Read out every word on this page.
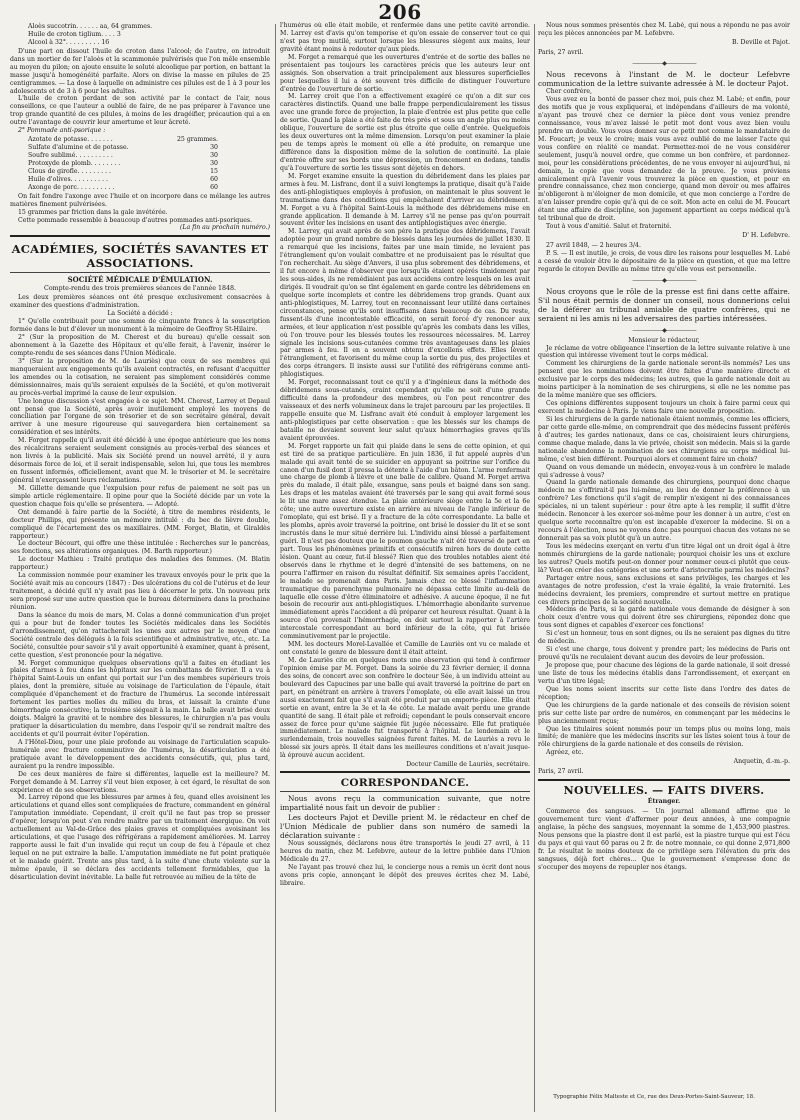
206
Aloès succotrin. . . . . . aa, 64 grammes.
Huile de croton tiglium. . . . 3
Alcool à 32°. . . . . . . . . 16

D'une part on dissout l'huile de croton dans l'alcool; de l'autre, on introduit dans un mortier de fer l'aloès et la scammonée pulvérisés que l'on mêle ensemble au moyen du pilon; on ajoute ensuite le soluté alcoolique par portion, en battant la masse jusqu'à homogénéité parfaite. Alors on divise la masse en pilules de 25 centigrammes. — La dose à laquelle on administre ces pilules est de 1 à 3 pour les adolescents et de 3 à 6 pour les adultes.

L'huile de croton perdant de son activité par le contact de l'air, nous conseillons, ce que l'auteur a oublié de faire, de ne pas préparer à l'avance une trop grande quantité de ces pilules, à moins de les dragéifier, précaution qui a en outre l'avantage de couvrir leur amertume et leur âcreté.

2° Pommade anti-psorique :

Azotate de potasse. . . . . . .	25 grammes.
Sulfate d'alumine et de potasse.	30
Soufre sublimé. . . . . . . . . .	30
Protoxyde de plomb. . . . . . . .	30
Clous de girofle. . . . . . . . .	15
Huile d'olives. . . . . . . . . .	60
Axonge de porc. . . . . . . . . .	60

On fait fondre l'axonge avec l'huile et on incorpore dans ce mélange les autres matières finement pulvérisées.

15 grammes par friction dans la gale invétérée.

Cette pommade ressemble à beaucoup d'autres pommades anti-psoriques.

(La fin au prochain numéro.)

ACADÉMIES, SOCIÉTÉS SAVANTES ET ASSOCIATIONS.
SOCIÉTÉ MÉDICALE D'ÉMULATION.
Compte-rendu des trois premières séances de l'année 1848.

Les deux premières séances ont été presque exclusivement consacrées à examiner des questions d'administration.

La Société a décidé :

1° Qu'elle contribuait pour une somme de cinquante francs à la souscription formée dans le but d'élever un monument à la mémoire de Geoffroy St-Hilaire.

2° (Sur la proposition de M. Cherest et du bureau) qu'elle cessait son abonnement à la Gazette des Hôpitaux et qu'elle ferait, à l'avenir, insérer le compte-rendu de ses séances dans l'Union Médicale.

3° (Sur la proposition de M. de Lauriès) que ceux de ses membres qui manqueraient aux engagements qu'ils avaient contractés, en refusant d'acquitter les amendes ou la cotisation, ne seraient pas simplement considérés comme démissionnaires, mais qu'ils seraient expulsés de la Société, et qu'on motiverait au procès-verbal imprimé la cause de leur expulsion.

Une longue discussion s'est engagée à ce sujet. MM. Cherest, Larrey et Depaul ont pensé que la Société, après avoir inutilement employé les moyens de conciliation par l'organe de son trésorier et de son secrétaire général, devait arriver à une mesure rigoureuse qui sauvegardera bien certainement sa considération et ses intérêts.

M. Forget rappelle qu'il avait été décidé à une époque antérieure que les noms des récalcitrans seraient seulement consignés au procès-verbal des séances et non livrés à la publicité. Mais six Société prend un nouvel arrêté, il y aura désormais force de loi, et il serait indispensable, selon lui, que tous les membres en fussent informés, officiellement, avant que M. le trésorier et M. le secrétaire général n'exerçassent leurs réclamations.

M. Gillette demande que l'expulsion pour refus de paiement ne soit pas un simple article réglementaire. Il opine pour que la Société décide par un vote la question chaque fois qu'elle se présentera. — Adopté.

Ont demandé à faire partie de la Société, à titre de membres résidents, le docteur Phillips, qui présente un mémoire intitulé : du bec de lièvre double, compliqué de l'écartement des os maxillaires. (MM. Forget, Blatin, et Giraldès rapporteur.)

Le docteur Bécourt, qui offre une thèse intitulée : Recherches sur le pancréas, ses fonctions, ses altérations organiques. (M. Barth rapporteur.)

Le docteur Mathieu : Traité pratique des maladies des femmes. (M. Blatin rapporteur.)

La commission nommée pour examiner les travaux envoyés pour le prix que la Société avait mis au concours (1847) : Des ulcérations du col de l'utérus et de leur traitement, a décidé qu'il n'y avait pas lieu à décerner le prix. Un nouveau prix sera proposé sur une autre question que le bureau déterminera dans la prochaine réunion.

Dans la séance du mois de mars, M. Colas a donné communication d'un projet qui a pour but de fonder toutes les Sociétés médicales dans les Sociétés d'arrondissement, qu'on rattacherait les unes aux autres par le moyen d'une Société centrale des délégués à la fois scientifique et administrative, etc., etc. La Société, consultée pour savoir s'il y avait opportunité à examiner, quant à présent, cette question, s'est prononcée pour la négative.

M. Forget communique quelques observations qu'il a faites en étudiant les plaies d'armes à feu dans les hôpitaux sur les combattans de février. Il a vu à l'hôpital Saint-Louis un enfant qui portait sur l'un des membres supérieurs trois plaies, dont la première, située au voisinage de l'articulation de l'épaule, était compliquée d'épanchement et de fracture de l'humérus. La seconde intéressait fortement les parties molles du milieu du bras, et laissait la crainte d'une hémorrhagie consécutive; la troisième siégeait à la main. La balle avait brisé deux doigts. Malgré la gravité et le nombre des blessures, le chirurgien n'a pas voulu pratiquer la désarticulation du membre, dans l'espoir qu'il se rendrait maître des accidents et qu'il pourrait éviter l'opération.

A l'Hôtel-Dieu, pour une plaie profonde au voisinage de l'articulation scapulo-humérale avec fracture comminutive de l'humérus, la désarticulation a été pratiquée avant le développement des accidents consécutifs, qui, plus tard, auraient pu la rendre impossible.

De ces deux manières de faire si différentes, laquelle est la meilleure? M. Forget demande à M. Larrey s'il veut bien exposer, à cet égard, le résultat de son expérience et de ses observations.

M. Larrey répond que les blessures par armes à feu, quand elles avoisinent les articulations et quand elles sont compliquées de fracture, commandent en général l'amputation immédiate. Cependant, il croit qu'il ne faut pas trop se presser d'opérer, lorsqu'on peut s'en rendre maître par un traitement énergique. On voit actuellement au Val-de-Grâce des plaies graves et compliquées avoisinant les articulations, et que l'usage des réfrigérans a rapidement améliorées. M. Larrey rapporte aussi le fait d'un invalide qui reçut un coup de feu à l'épaule et chez lequel on ne put extraire la balle. L'amputation immédiate ne fut point pratiquée et le malade guérit. Trente ans plus tard, à la suite d'une chute violente sur la même épaule, il se déclara des accidents tellement formidables, que la désarticulation devint inévitable. La balle fut retrouvée au milieu de la tête de

l'humérus où elle était mobile, et renfermée dans une petite cavité arrondie. M. Larrey est d'avis qu'on temporise et qu'on essaie de conserver tout ce qui n'est pas trop mutilé, surtout lorsque les blessures siègent aux mains, leur gravité étant moins à redouter qu'aux pieds.

M. Forget a remarqué que les ouvertures d'entrée et de sortie des balles ne présentaient pas toujours les caractères précis que les auteurs leur ont assignés. Son observation a trait principalement aux blessures superficielles pour lesquelles il lui a été souvent très difficile de distinguer l'ouverture d'entrée de l'ouverture de sortie.

M. Larrey croit que l'on a effectivement exagéré ce qu'on a dit sur ces caractères distinctifs. Quand une balle frappe perpendiculairement les tissus avec une grande force de projection, la plaie d'entrée est plus petite que celle de sortie. Quand la plaie a été faite de très près et sous un angle plus ou moins oblique, l'ouverture de sortie est plus étroite que celle d'entrée. Quelquefois les deux ouvertures ont la même dimension. Lorsqu'on peut examiner la plaie peu de temps après le moment où elle a été produite, on remarque une différence dans la disposition même de la solution de continuité. La plaie d'entrée offre sur ses bords une dépression, un froncement en dedans, tandis qu'à l'ouverture de sortie les tissus sont déjetés en dehors.

M. Forget examine ensuite la question du débridement dans les plaies par armes à feu. M. Lisfranc, dont il a suivi longtemps la pratique, disait qu'à l'aide des anti-phlogistiques employés à profusion, on maintenait le plus souvent le traumatisme dans des conditions qui empêchaient d'arriver au débridement. M. Forget a vu à l'hôpital Saint-Louis la méthode des débridemens mise en grande application. Il demande à M. Larrey s'il ne pense pas qu'on pourrait souvent éviter les incisions en usant des antiphlogistiques avec énergie.

M. Larrey, qui avait après de son père la pratique des débridemens, l'avait adoptée pour un grand nombre de blessés dans les journées de juillet 1830. Il a remarqué que les incisions, faites par une main timide, ne levaient pas l'étranglement qu'on voulait combattre et ne produisaient pas le résultat que l'on recherchait. Au siège d'Anvers, il usa plus sobrement des débridemens, et il fut encore à même d'observer que lorsqu'ils étaient opérés timidement par les sous-aides, ils ne remédiaient pas aux accidens contre lesquels on les avait dirigés. Il voudrait qu'on se tînt également en garde contre les débridemens en quelque sorte incomplets et contre les débridemens trop grands. Quant aux anti-phlogistiques, M. Larrey, tout en reconnaissant leur utilité dans certaines circonstances, pense qu'ils sont insuffisans dans beaucoup de cas. Du reste, fussent-ils d'une incontestable efficacité, on serait forcé d'y renoncer aux armées, et leur application n'est possible qu'après les combats dans les villes, où l'on trouve pour les blessés toutes les ressources nécessaires. M. Larrey signale les incisions sous-cutanées comme très avantageuses dans les plaies par armes à feu. Il en a souvent obtenu d'excellens effets. Elles lèvent l'étranglement, et favorisent du même coup la sortie du pus, des projectiles et des corps étrangers. Il insiste aussi sur l'utilité des réfrigérans comme anti-phlogistiques.

M. Forget, reconnaissant tout ce qu'il y a d'ingénieux dans la méthode des débridemens sous-cutanés, craint cependant qu'elle ne soit d'une grande difficulté dans la profondeur des membres, où l'on peut rencontrer des vaisseaux et des nerfs volumineux dans le trajet parcouru par les projectiles. Il rappelle ensuite que M. Lisfranc avait été conduit à employer largement les anti-phlogistiques par cette observation : que les blessés sur les champs de bataille ne devaient souvent leur salut qu'aux hémorrhagies graves qu'ils avaient éprouvées.

M. Forget rapporte un fait qui plaide dans le sens de cette opinion, et qui est tiré de sa pratique particulière. En juin 1836, il fut appelé auprès d'un malade qui avait tenté de se suicider en appuyant sa poitrine sur l'orifice du canon d'un fusil dont il pressa la détente à l'aide d'un bâton. L'arme renfermait une charge de plomb à lièvre et une balle de calibre. Quand M. Forget arriva près du malade, il était pâle, exsangue, sans pouls et baigné dans son sang. Les draps et les matelas avaient été traversés par le sang qui avait formé sous le lit une mare assez étendue. La plaie antérieure siège entre la 5e et la 6e côte; une autre ouverture existe en arrière au niveau de l'angle inférieur de l'omoplate, qui est brisé. Il y a fracture de la côte correspondante. La balle et les plombs, après avoir traversé la poitrine, ont brisé le dossier du lit et se sont incrustés dans le mur situé derrière lui. L'individu ainsi blessé a parfaitement guéri. Il n'est pas douteux que le poumon gauche n'ait été traversé de part en part. Tous les phénomènes primitifs et consécutifs miren hors de doute cette lésion. Quant au cœur, fut-il blessé? Rien que des troubles notables aient été observés dans le rhythme et le degré d'intensité de ses battemens, on ne pourra l'affirmer en raison du résultat définitif. Six semaines après l'accident, le malade se promenait dans Paris. Jamais chez ce blessé l'inflammation traumatique du parenchyme pulmonaire ne dépassa cette limite au-delà de laquelle elle cesse d'être éliminatoire et adhésive. A aucune époque, il ne fut besoin de recourir aux anti-phlogistiques. L'hémorrhagie abondante survenue immédiatement après l'accident a dû préparer cet heureux résultat. Quant à la source d'où provenait l'hémorrhagie, on doit surtout la rapporter à l'artère intercostale correspondant au bord inférieur de la côte, qui fut brisée comminutivement par le projectile.

MM. les docteurs Morel-Lavallée et Camille de Lauriès ont vu ce malade et ont constaté le genre de blessure dont il était atteint.

M. de Lauriès cite en quelques mots une observation qui tend à confirmer l'opinion émise par M. Forget. Dans la soirée du 23 février dernier, il donna des soins, de concert avec son confrère le docteur Sée, à un individu atteint au boulevard des Capucines par une balle qui avait traversé la poitrine de part en part, en pénétrant en arrière à travers l'omoplate, où elle avait laissé un trou aussi exactement fait que s'il avait été produit par un emporte-pièce. Elle était sortie en avant, entre la 3e et la 4e côte. Le malade avait perdu une grande quantité de sang. Il était pâle et refroidi; cependant le pouls conservait encore assez de force pour qu'une saignée fût jugée nécessaire. Elle fut pratiquée immédiatement. Le malade fut transporté à l'hôpital. Le lendemain et le surlendemain, trois nouvelles saignées furent faites. M. de Lauriès a revu le blessé six jours après. Il était dans les meilleures conditions et n'avait jusque-là éprouvé aucun accident.

Docteur Camille de Lauriès, secrétaire.
CORRESPONDANCE.

Nous avons reçu la communication suivante, que notre impartialité nous fait un devoir de publier :

Les docteurs Pajot et Deville prient M. le rédacteur en chef de l'Union Médicale de publier dans son numéro de samedi la déclaration suivante :

Nous soussignés, déclarons nous être transportés le jeudi 27 avril, à 11 heures du matin, chez M. Lefebvre, auteur de la lettre publiée dans l'Union Médicale du 27.

Ne l'ayant pas trouvé chez lui, le concierge nous a remis un écrit dont nous avons pris copie, annonçant le dépôt des preuves écrites chez M. Labé, libraire.

Nous nous sommes présentés chez M. Labé, qui nous a répondu ne pas avoir reçu les pièces annoncées par M. Lefebvre.

B. Deville et Pajot.

Paris, 27 avril.

——————◆——————

Nous recevons à l'instant de M. le docteur Lefebvre communication de la lettre suivante adressée à M. le docteur Pajot.

Cher confrère,

Vous avez eu la bonté de passer chez moi, puis chez M. Labé; et enfin, pour des motifs que je vous expliquerai, et indépendans d'ailleurs de ma volonté, n'ayant pas trouvé chez ce dernier la pièce dont vous veniez prendre connaissance, vous m'avez laissé le petit mot dont vous avez bien voulu prendre un double. Vous vous donnez sur ce petit mot comme le mandataire de M. Foucart; je veux le croire; mais vous avez oublié de me laisser l'acte qui vous confère en réalité ce mandat. Permettez-moi de ne vous considérer seulement, jusqu'à nouvel ordre, que comme un bon confrère, et pardonnez-moi, pour les considérations précédentes, de ne vous envoyer ni aujourd'hui, ni demain, la copie que vous demandez de la preuve. Je vous préviens amicalement qu'à l'avenir vous trouverez la pièce en question, et pour en prendre connaissance, chez mon concierge, quand mon devoir ou mes affaires m'obligeront à m'éloigner de mon domicile, et que mon concierge a l'ordre de n'en laisser prendre copie qu'à qui de ce soit. Mon acte en celui de M. Foucart étant une affaire de discipline, son jugement appartient au corps médical qu'à tel tribunal que de droit.

Tout à vous d'amitié. Salut et fraternité.

D' H. Lefebvre.

27 avril 1848, — 2 heures 3/4.

P. S. — Il est inutile, je crois, de vous dire les raisons pour lesquelles M. Labé a cessé de vouloir être le dépositaire de la pièce en question, et que ma lettre regarde le citoyen Deville au même titre qu'elle vous est personnelle.

——————◆——————

Nous croyons que le rôle de la presse est fini dans cette affaire. S'il nous était permis de donner un conseil, nous donnerions celui de la déférer au tribunal amiable de quatre confrères, qui ne seraient ni les amis ni les adversaires des parties intéressées.

——————◆——————

Monsieur le rédacteur,

Je réclame de votre obligeance l'insertion de la lettre suivante relative à une question qui intéresse vivement tout le corps médical.

Comment les chirurgiens de la garde nationale seront-ils nommés? Les uns pensent que les nominations doivent être faites d'une manière directe et exclusive par le corps des médecins; les autres, que la garde nationale doit au moins participer à la nomination de ses chirurgiens, si elle ne les nomme pas de la même manière que ses officiers.

Ces opinions différentes supposent toujours un choix à faire parmi ceux qui exercent la médecine à Paris. Je viens faire une nouvelle proposition.

Si les chirurgiens de la garde nationale étaient nommés, comme les officiers, par cette garde elle-même, on comprendrait que des médecins fussent préférés à d'autres; les gardes nationaux, dans ce cas, choisiraient leurs chirurgiens, comme chaque malade, dans la vie privée, choisit son médecin. Mais si la garde nationale abandonne la nomination de ses chirurgiens au corps médical lui-même, c'est bien différent. Pourquoi alors et comment faire un choix?

Quand on vous demande un médecin, envoyez-vous à un confrère le malade qui s'adresse à vous?

Quand la garde nationale demande des chirurgiens, pourquoi donc chaque médecin ne s'offrirait-il pas lui-même, au lieu de donner la préférence à un confrère? Les fonctions qu'il s'agit de remplir n'exigent ni des connaissances spéciales, ni un talent supérieur : pour être apte à les remplir, il suffit d'être médecin. Renoncer à les exercer soi-même pour les donner à un autre, c'est en quelque sorte reconnaître qu'on est incapable d'exercer la médecine. Si on a recours à l'élection, nous ne voyons donc pas pourquoi chacun des votans ne se donnerait pas sa voix plutôt qu'à un autre.

Tous les médecins exerçant en vertu d'un titre légal ont un droit égal à être nommés chirurgiens de la garde nationale; pourquoi choisir les uns et exclure les autres? Quels motifs peut-on donner pour nommer ceux-ci plutôt que ceux-là? Veut-on créer des catégories et une sorte d'aristocratie parmi les médecins?

Partager entre nous, sans exclusions et sans privilèges, les charges et les avantages de notre profession, c'est la vraie égalité, la vraie fraternité. Les médecins devraient, les premiers, comprendre et surtout mettre en pratique ces divers principes de la société nouvelle.

Médecins de Paris, si la garde nationale vous demande de désigner à son choix ceux d'entre vous qui doivent être ses chirurgiens, répondez donc que tous sont dignes et capables d'exercer ces fonctions!

Si c'est un honneur, tous en sont dignes, ou ils ne seraient pas dignes du titre de médecin.

Si c'est une charge, tous doivent y prendre part; les médecins de Paris ont prouvé qu'ils ne reculaient devant aucun des devoirs de leur profession.

Je propose que, pour chacune des légions de la garde nationale, il soit dressé une liste de tous les médecins établis dans l'arrondissement, et exerçant en vertu d'un titre légal;

Que les noms soient inscrits sur cette liste dans l'ordre des dates de réception;

Que les chirurgiens de la garde nationale et des conseils de révision soient pris sur cette liste par ordre de numéros, en commençant par les médecins le plus anciennement reçus;

Que les titulaires soient nommés pour un temps plus ou moins long, mais limité; de manière que les médecins inscrits sur les listes soient tous à tour de rôle chirurgiens de la garde nationale et des conseils de révision.

Agréez, etc.

Anquetin, d.-m.-p.

Paris, 27 avril.

NOUVELLES. — FAITS DIVERS.
Étranger.

Commerce des sangsues. — Un journal allemand affirme que le gouvernement turc vient d'affermer pour deux années, à une compagnie anglaise, la pêche des sangsues, moyennant la somme de 1,453,900 piastres. Nous pensons que la piastre dont il est parlé, est la piastre turque qui est l'écu du pays et qui vaut 60 paras ou 2 fr. de notre monnaie, ce qui donne 2,971,800 fr. Le résultat le moins douteux de ce privilège sera l'élévation du prix des sangsues, déjà fort chères... Que le gouvernement s'empresse donc de s'occuper des moyens de repeupler nos étangs.

Typographie Félix Malteste et Ce, rue des Deux-Portes-Saint-Sauveur, 18.
